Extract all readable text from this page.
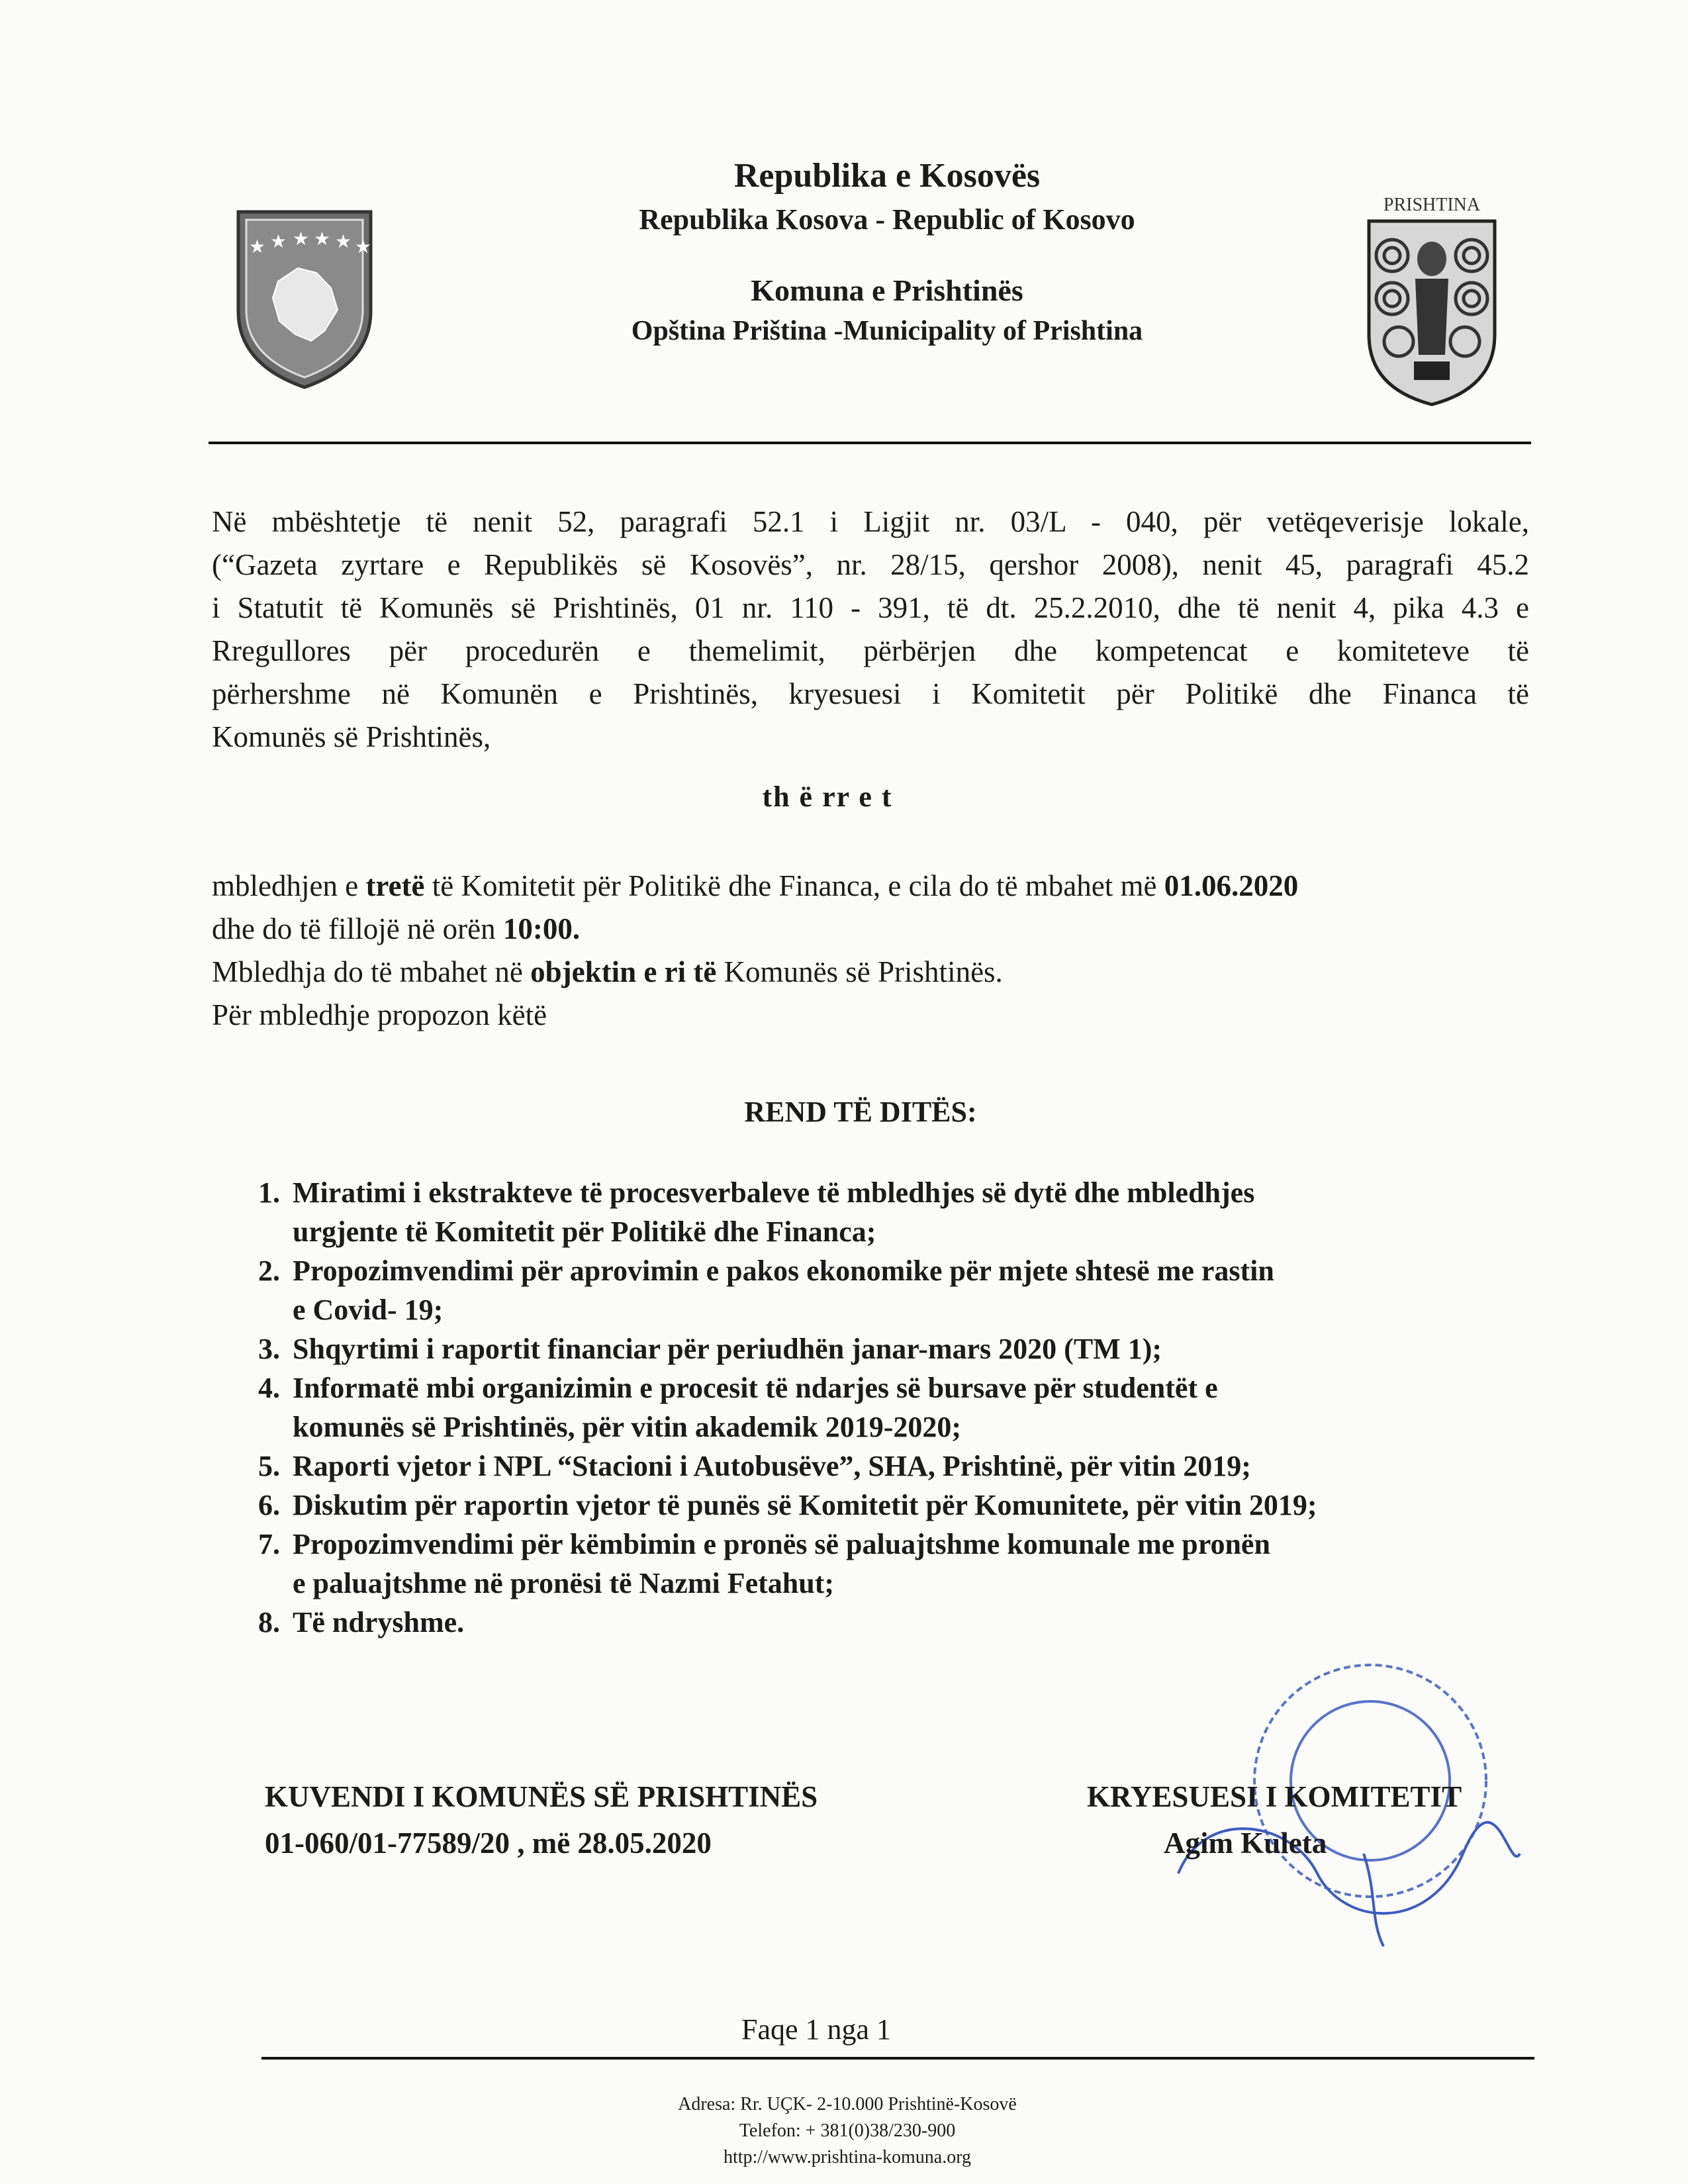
Republika e Kosovës
Republika Kosova - Republic of Kosovo
Komuna e Prishtinës
Opština Priština -Municipality of Prishtina
★ ★ ★ ★ ★ ★
PRISHTINA
Në mbështetje të nenit 52, paragrafi 52.1 i Ligjit nr. 03/L - 040, për vetëqeverisje lokale,
(“Gazeta zyrtare e Republikës së Kosovës”, nr. 28/15, qershor 2008), nenit 45, paragrafi 45.2
i Statutit të Komunës së Prishtinës, 01 nr. 110 - 391, të dt. 25.2.2010, dhe të nenit 4, pika 4.3 e
Rregullores për procedurën e themelimit, përbërjen dhe kompetencat e komiteteve të
përhershme në Komunën e Prishtinës, kryesuesi i Komitetit për Politikë dhe Financa të
Komunës së Prishtinës,
th ë rr e t
mbledhjen e tretë të Komitetit për Politikë dhe Financa, e cila do të mbahet më 01.06.2020
dhe do të fillojë në orën 10:00.
Mbledhja do të mbahet në objektin e ri të Komunës së Prishtinës.
Për mbledhje propozon këtë
REND TË DITËS:
1. Miratimi i ekstrakteve të procesverbaleve të mbledhjes së dytë dhe mbledhjes
urgjente të Komitetit për Politikë dhe Financa;
2. Propozimvendimi për aprovimin e pakos ekonomike për mjete shtesë me rastin
e Covid- 19;
3. Shqyrtimi i raportit financiar për periudhën janar-mars 2020 (TM 1);
4. Informatë mbi organizimin e procesit të ndarjes së bursave për studentët e
komunës së Prishtinës, për vitin akademik 2019-2020;
5. Raporti vjetor i NPL “Stacioni i Autobusëve”, SHA, Prishtinë, për vitin 2019;
6. Diskutim për raportin vjetor të punës së Komitetit për Komunitete, për vitin 2019;
7. Propozimvendimi për këmbimin e pronës së paluajtshme komunale me pronën
e paluajtshme në pronësi të Nazmi Fetahut;
8. Të ndryshme.
KUVENDI I KOMUNËS SË PRISHTINËS
01-060/01-77589/20 , më 28.05.2020
KRYESUESI I KOMITETIT
Agim Kuleta
Faqe 1 nga 1
Adresa: Rr. UÇK- 2-10.000 Prishtinë-Kosovë
Telefon: + 381(0)38/230-900
http://www.prishtina-komuna.org
